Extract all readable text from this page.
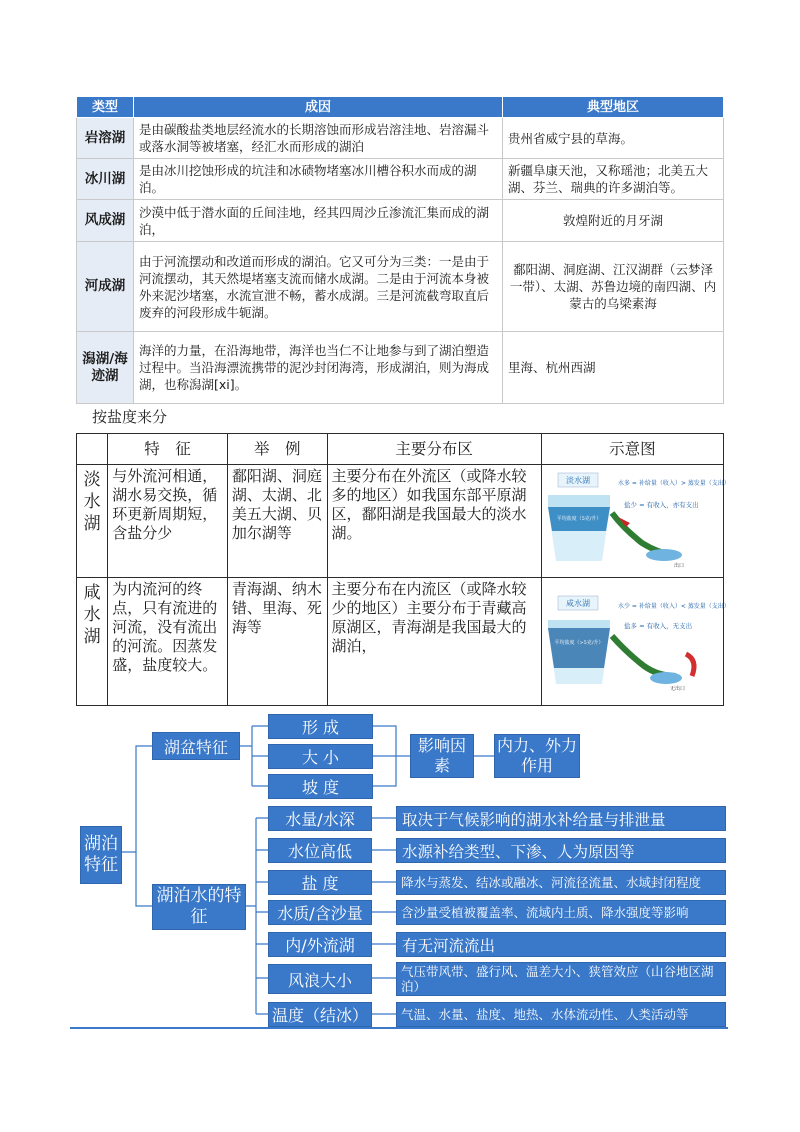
类型	成因	典型地区
岩溶湖	是由碳酸盐类地层经流水的长期溶蚀而形成岩溶洼地、岩溶漏斗或落水洞等被堵塞，经汇水而形成的湖泊	贵州省威宁县的草海。
冰川湖	是由冰川挖蚀形成的坑洼和冰碛物堵塞冰川槽谷积水而成的湖泊。	新疆阜康天池，又称瑶池；北美五大湖、芬兰、瑞典的许多湖泊等。
风成湖	沙漠中低于潜水面的丘间洼地，经其四周沙丘渗流汇集而成的湖泊，	敦煌附近的月牙湖
河成湖	由于河流摆动和改道而形成的湖泊。它又可分为三类：一是由于河流摆动，其天然堤堵塞支流而储水成湖。二是由于河流本身被外来泥沙堵塞，水流宣泄不畅，蓄水成湖。三是河流截弯取直后废弃的河段形成牛轭湖。	鄱阳湖、洞庭湖、江汉湖群（云梦泽一带）、太湖、苏鲁边境的南四湖、内蒙古的乌梁素海
潟湖/海迹湖	海洋的力量，在沿海地带，海洋也当仁不让地参与到了湖泊塑造过程中。当沿海漂流携带的泥沙封闭海湾，形成湖泊，则为海成湖，也称潟湖[xi]。	里海、杭州西湖
按盐度来分
	特　征	举　例	主要分布区	示意图
淡水湖	与外流河相通，湖水易交换，循环更新周期短，含盐分少	鄱阳湖、洞庭湖、太湖、北美五大湖、贝加尔湖等	主要分布在外流区（或降水较多的地区）如我国东部平原湖区，鄱阳湖是我国最大的淡水湖。	淡水湖
平均盐度（5克/升）
水多 = 补给量（收入）> 蒸发量（支出）
盐少 = 有收入，亦有支出
出口

咸水湖	为内流河的终点，只有流进的河流，没有流出的河流。因蒸发盛，盐度较大。	青海湖、纳木错、里海、死海等	主要分布在内流区（或降水较少的地区）主要分布于青藏高原湖区，青海湖是我国最大的湖泊，	咸水湖
平均盐度（>5克/升）
水少 = 补给量（收入）< 蒸发量（支出）
盐多 = 有收入，无支出
无出口
湖泊特征
湖盆特征
形 成
大 小
坡 度
影响因素
内力、外力作用
湖泊水的特征
水量/水深	取决于气候影响的湖水补给量与排泄量
水位高低	水源补给类型、下渗、人为原因等
盐 度	降水与蒸发、结冰或融冰、河流径流量、水域封闭程度
水质/含沙量	含沙量受植被覆盖率、流域内土质、降水强度等影响
内/外流湖	有无河流流出
风浪大小	气压带风带、盛行风、温差大小、狭管效应（山谷地区湖泊）
温度（结冰）	气温、水量、盐度、地热、水体流动性、人类活动等
